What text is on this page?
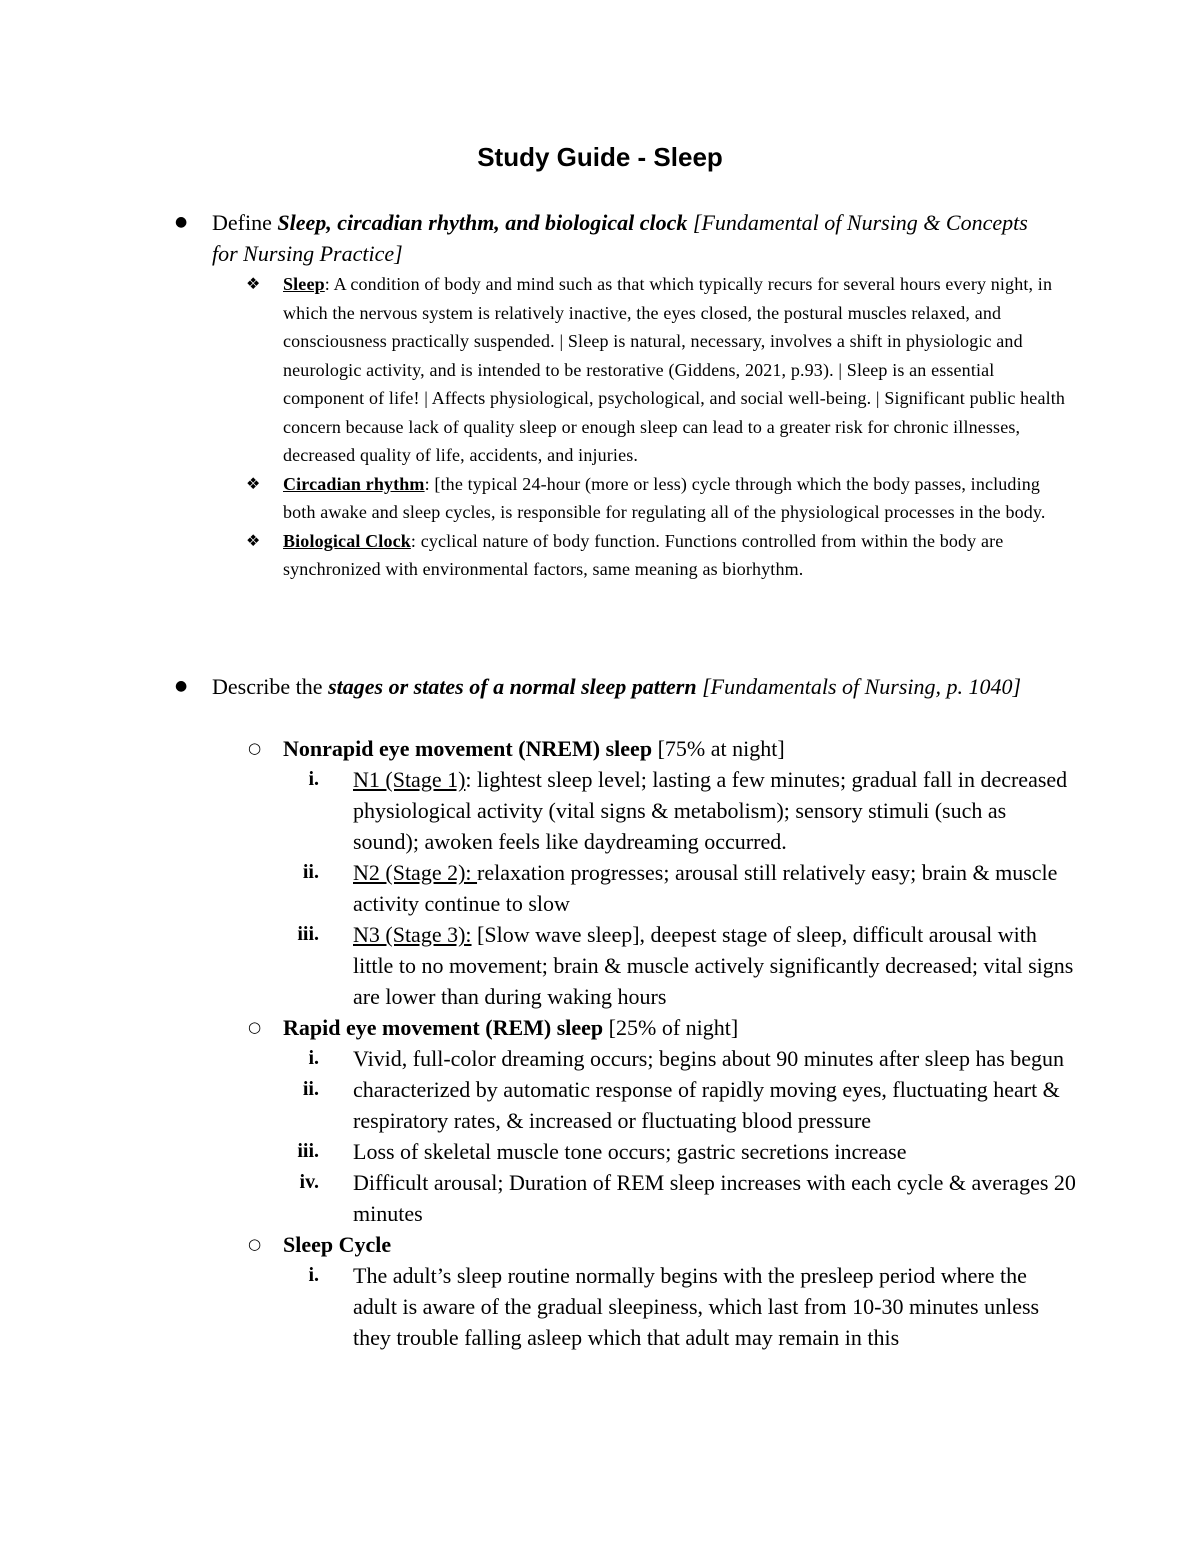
Study Guide - Sleep
●	Define Sleep, circadian rhythm, and biological clock [Fundamental of Nursing & Concepts for Nursing Practice]
❖	Sleep: A condition of body and mind such as that which typically recurs for several hours every night, in which the nervous system is relatively inactive, the eyes closed, the postural muscles relaxed, and consciousness practically suspended. | Sleep is natural, necessary, involves a shift in physiologic and neurologic activity, and is intended to be restorative (Giddens, 2021, p.93). | Sleep is an essential component of life! | Affects physiological, psychological, and social well-being. | Significant public health concern because lack of quality sleep or enough sleep can lead to a greater risk for chronic illnesses, decreased quality of life, accidents, and injuries.
❖	Circadian rhythm: [the typical 24-hour (more or less) cycle through which the body passes, including both awake and sleep cycles, is responsible for regulating all of the physiological processes in the body.
❖	Biological Clock: cyclical nature of body function. Functions controlled from within the body are synchronized with environmental factors, same meaning as biorhythm.
●	Describe the stages or states of a normal sleep pattern [Fundamentals of Nursing, p. 1040]
○ Nonrapid eye movement (NREM) sleep [75% at night]
i. N1 (Stage 1): lightest sleep level; lasting a few minutes; gradual fall in decreased physiological activity (vital signs & metabolism); sensory stimuli (such as sound); awoken feels like daydreaming occurred.
ii. N2 (Stage 2): relaxation progresses; arousal still relatively easy; brain & muscle activity continue to slow
iii. N3 (Stage 3): [Slow wave sleep], deepest stage of sleep, difficult arousal with little to no movement; brain & muscle actively significantly decreased; vital signs are lower than during waking hours
○ Rapid eye movement (REM) sleep [25% of night]
i. Vivid, full-color dreaming occurs; begins about 90 minutes after sleep has begun
ii. characterized by automatic response of rapidly moving eyes, fluctuating heart & respiratory rates, & increased or fluctuating blood pressure
iii. Loss of skeletal muscle tone occurs; gastric secretions increase
iv. Difficult arousal; Duration of REM sleep increases with each cycle & averages 20 minutes
○ Sleep Cycle
i. The adult’s sleep routine normally begins with the presleep period where the adult is aware of the gradual sleepiness, which last from 10-30 minutes unless they trouble falling asleep which that adult may remain in this
